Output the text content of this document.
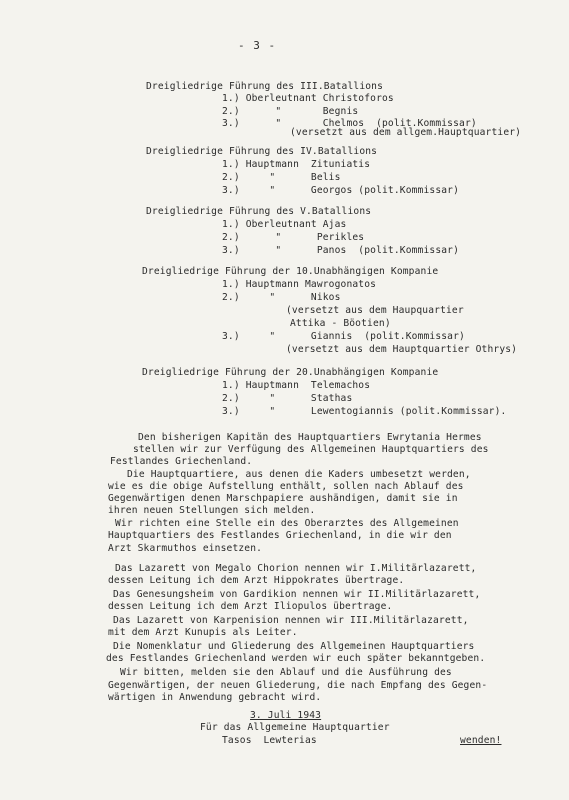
- 3 -
Dreigliedrige Führung des III.Batallions
1.) Oberleutnant Christoforos
2.)      "       Begnis
3.)      "       Chelmos  (polit.Kommissar)
(versetzt aus dem allgem.Hauptquartier)
Dreigliedrige Führung des IV.Batallions
1.) Hauptmann  Zituniatis
2.)     "      Belis
3.)     "      Georgos (polit.Kommissar)
Dreigliedrige Führung des V.Batallions
1.) Oberleutnant Ajas
2.)      "      Perikles
3.)      "      Panos  (polit.Kommissar)
Dreigliedrige Führung der 10.Unabhängigen Kompanie
1.) Hauptmann Mawrogonatos
2.)     "      Nikos
(versetzt aus dem Haupquartier
Attika - Böotien)
3.)     "      Giannis  (polit.Kommissar)
(versetzt aus dem Hauptquartier Othrys)
Dreigliedrige Führung der 20.Unabhängigen Kompanie
1.) Hauptmann  Telemachos
2.)     "      Stathas
3.)     "      Lewentogiannis (polit.Kommissar).
Den bisherigen Kapitän des Hauptquartiers Ewrytania Hermes
stellen wir zur Verfügung des Allgemeinen Hauptquartiers des
Festlandes Griechenland.
Die Hauptquartiere, aus denen die Kaders umbesetzt werden,
wie es die obige Aufstellung enthält, sollen nach Ablauf des
Gegenwärtigen denen Marschpapiere aushändigen, damit sie in
ihren neuen Stellungen sich melden.
Wir richten eine Stelle ein des Oberarztes des Allgemeinen
Hauptquartiers des Festlandes Griechenland, in die wir den
Arzt Skarmuthos einsetzen.
Das Lazarett von Megalo Chorion nennen wir I.Militärlazarett,
dessen Leitung ich dem Arzt Hippokrates übertrage.
Das Genesungsheim von Gardikion nennen wir II.Militärlazarett,
dessen Leitung ich dem Arzt Iliopulos übertrage.
Das Lazarett von Karpenision nennen wir III.Militärlazarett,
mit dem Arzt Kunupis als Leiter.
Die Nomenklatur und Gliederung des Allgemeinen Hauptquartiers
des Festlandes Griechenland werden wir euch später bekanntgeben.
Wir bitten, melden sie den Ablauf und die Ausführung des
Gegenwärtigen, der neuen Gliederung, die nach Empfang des Gegen-
wärtigen in Anwendung gebracht wird.
3. Juli 1943
Für das Allgemeine Hauptquartier
Tasos  Lewterias	wenden!
